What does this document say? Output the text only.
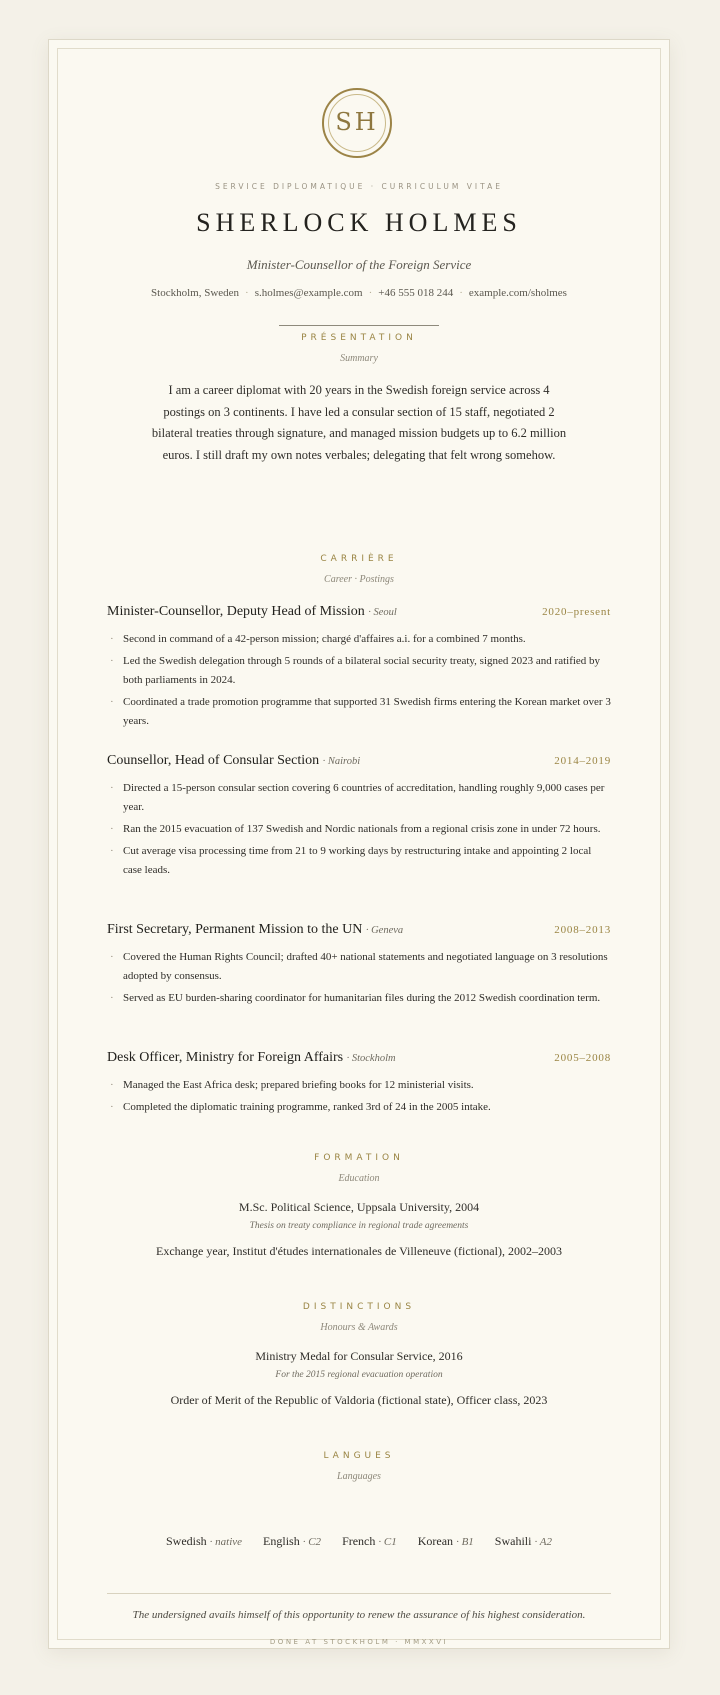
SH
SERVICE DIPLOMATIQUE · CURRICULUM VITAE
SHERLOCK HOLMES
Minister-Counsellor of the Foreign Service
Stockholm, Sweden · s.holmes@example.com · +46 555 018 244 · example.com/sholmes
PRÉSENTATION
Summary
I am a career diplomat with 20 years in the Swedish foreign service across 4 postings on 3 continents. I have led a consular section of 15 staff, negotiated 2 bilateral treaties through signature, and managed mission budgets up to 6.2 million euros. I still draft my own notes verbales; delegating that felt wrong somehow.
CARRIÈRE
Career · Postings
Minister-Counsellor, Deputy Head of Mission · Seoul	2020–present
· Second in command of a 42-person mission; chargé d'affaires a.i. for a combined 7 months.
· Led the Swedish delegation through 5 rounds of a bilateral social security treaty, signed 2023 and ratified by both parliaments in 2024.
· Coordinated a trade promotion programme that supported 31 Swedish firms entering the Korean market over 3 years.
Counsellor, Head of Consular Section · Nairobi	2014–2019
· Directed a 15-person consular section covering 6 countries of accreditation, handling roughly 9,000 cases per year.
· Ran the 2015 evacuation of 137 Swedish and Nordic nationals from a regional crisis zone in under 72 hours.
· Cut average visa processing time from 21 to 9 working days by restructuring intake and appointing 2 local case leads.
First Secretary, Permanent Mission to the UN · Geneva	2008–2013
· Covered the Human Rights Council; drafted 40+ national statements and negotiated language on 3 resolutions adopted by consensus.
· Served as EU burden-sharing coordinator for humanitarian files during the 2012 Swedish coordination term.
Desk Officer, Ministry for Foreign Affairs · Stockholm	2005–2008
· Managed the East Africa desk; prepared briefing books for 12 ministerial visits.
· Completed the diplomatic training programme, ranked 3rd of 24 in the 2005 intake.
FORMATION
Education
M.Sc. Political Science, Uppsala University, 2004
Thesis on treaty compliance in regional trade agreements
Exchange year, Institut d'études internationales de Villeneuve (fictional), 2002–2003
DISTINCTIONS
Honours & Awards
Ministry Medal for Consular Service, 2016
For the 2015 regional evacuation operation
Order of Merit of the Republic of Valdoria (fictional state), Officer class, 2023
LANGUES
Languages
Swedish · native English · C2 French · C1 Korean · B1 Swahili · A2
The undersigned avails himself of this opportunity to renew the assurance of his highest consideration.
DONE AT STOCKHOLM · MMXXVI
